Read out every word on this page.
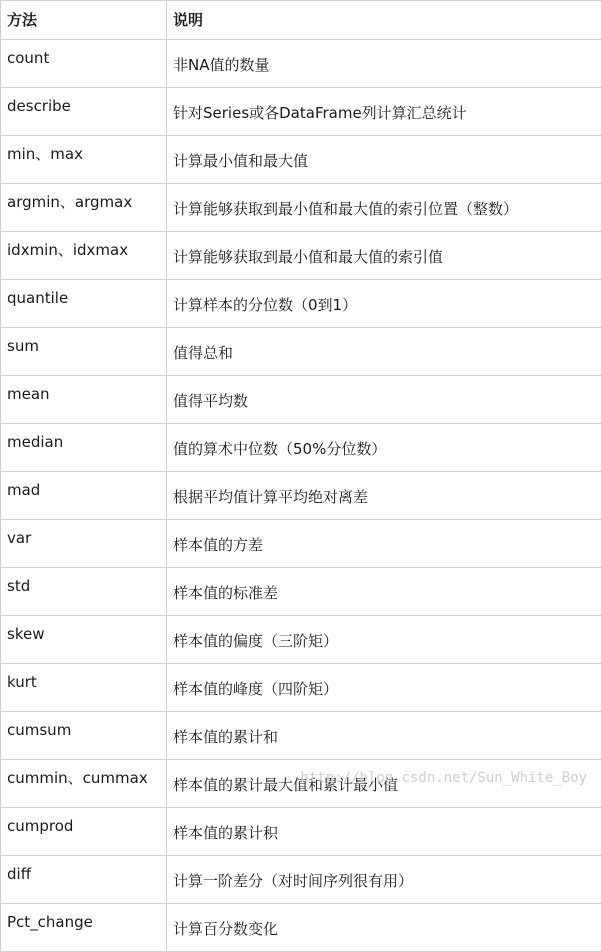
方法	说明
count	非NA值的数量
describe	针对Series或各DataFrame列计算汇总统计
min、max	计算最小值和最大值
argmin、argmax	计算能够获取到最小值和最大值的索引位置（整数）
idxmin、idxmax	计算能够获取到最小值和最大值的索引值
quantile	计算样本的分位数（0到1）
sum	值得总和
mean	值得平均数
median	值的算术中位数（50%分位数）
mad	根据平均值计算平均绝对离差
var	样本值的方差
std	样本值的标准差
skew	样本值的偏度（三阶矩）
kurt	样本值的峰度（四阶矩）
cumsum	样本值的累计和
cummin、cummax	样本值的累计最大值和累计最小值
cumprod	样本值的累计积
diff	计算一阶差分（对时间序列很有用）
Pct_change	计算百分数变化
http://blog.csdn.net/Sun_White_Boy
